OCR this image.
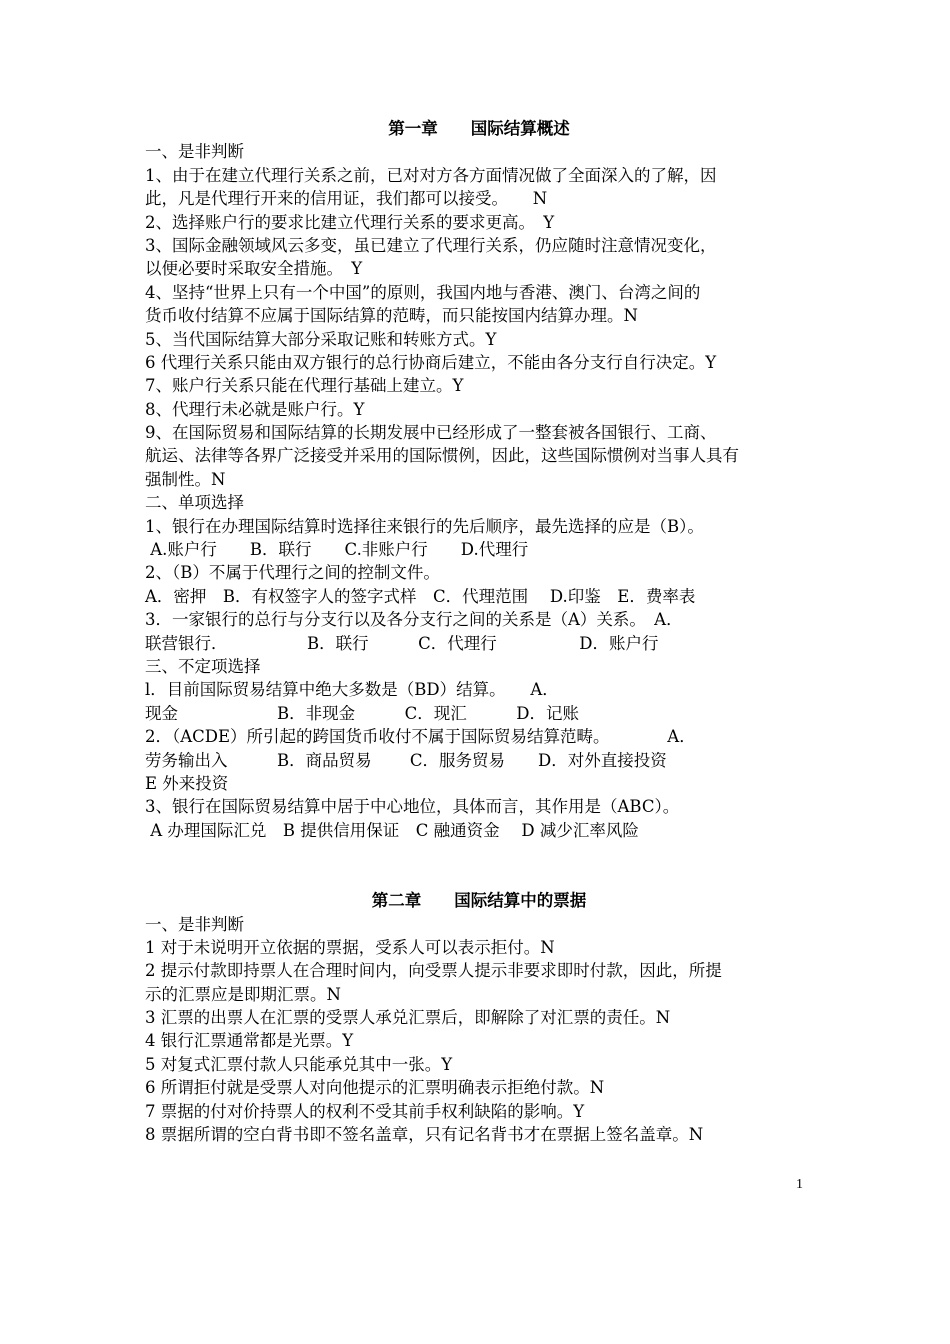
第一章　　国际结算概述
一、是非判断
1、由于在建立代理行关系之前，已对对方各方面情况做了全面深入的了解，因
此，凡是代理行开来的信用证，我们都可以接受。　　N
2、选择账户行的要求比建立代理行关系的要求更高。　Y
3、国际金融领域风云多变，虽已建立了代理行关系，仍应随时注意情况变化，
以便必要时采取安全措施。　Y
4、坚持“世界上只有一个中国”的原则，我国内地与香港、澳门、台湾之间的
货币收付结算不应属于国际结算的范畴，而只能按国内结算办理。N
5、当代国际结算大部分采取记账和转账方式。Y
6 代理行关系只能由双方银行的总行协商后建立，不能由各分支行自行决定。Y
7、账户行关系只能在代理行基础上建立。Y
8、代理行未必就是账户行。Y
9、在国际贸易和国际结算的长期发展中已经形成了一整套被各国银行、工商、
航运、法律等各界广泛接受并采用的国际惯例，因此，这些国际惯例对当事人具有
强制性。N
二、单项选择
1、银行在办理国际结算时选择往来银行的先后顺序，最先选择的应是（B）。
A.账户行　　B．联行　　C.非账户行　　D.代理行
2、（B）不属于代理行之间的控制文件。
A．密押　B．有权签字人的签字式样　C．代理范围　 D.印鉴　E．费率表
3．一家银行的总行与分支行以及各分支行之间的关系是（A）关系。　A．
联营银行．　　　　　 B．联行　　　C．代理行　　　　　D．账户行
三、不定项选择
l．目前国际贸易结算中绝大多数是（BD）结算。　　A．
现金　　　　　　B．非现金　　　C．现汇　　　D．记账
2．（ACDE）所引起的跨国货币收付不属于国际贸易结算范畴。　　　　A．
劳务输出入　　　B．商品贸易　　 C．服务贸易　　D．对外直接投资
E 外来投资
3、银行在国际贸易结算中居于中心地位，具体而言，其作用是（ABC）。
A 办理国际汇兑　B 提供信用保证　C 融通资金　 D 减少汇率风险
第二章　　国际结算中的票据
一、是非判断
1 对于未说明开立依据的票据，受系人可以表示拒付。N
2 提示付款即持票人在合理时间内，向受票人提示非要求即时付款，因此，所提
示的汇票应是即期汇票。N
3 汇票的出票人在汇票的受票人承兑汇票后，即解除了对汇票的责任。N
4 银行汇票通常都是光票。Y
5 对复式汇票付款人只能承兑其中一张。Y
6 所谓拒付就是受票人对向他提示的汇票明确表示拒绝付款。N
7 票据的付对价持票人的权利不受其前手权利缺陷的影响。Y
8 票据所谓的空白背书即不签名盖章，只有记名背书才在票据上签名盖章。N
1
